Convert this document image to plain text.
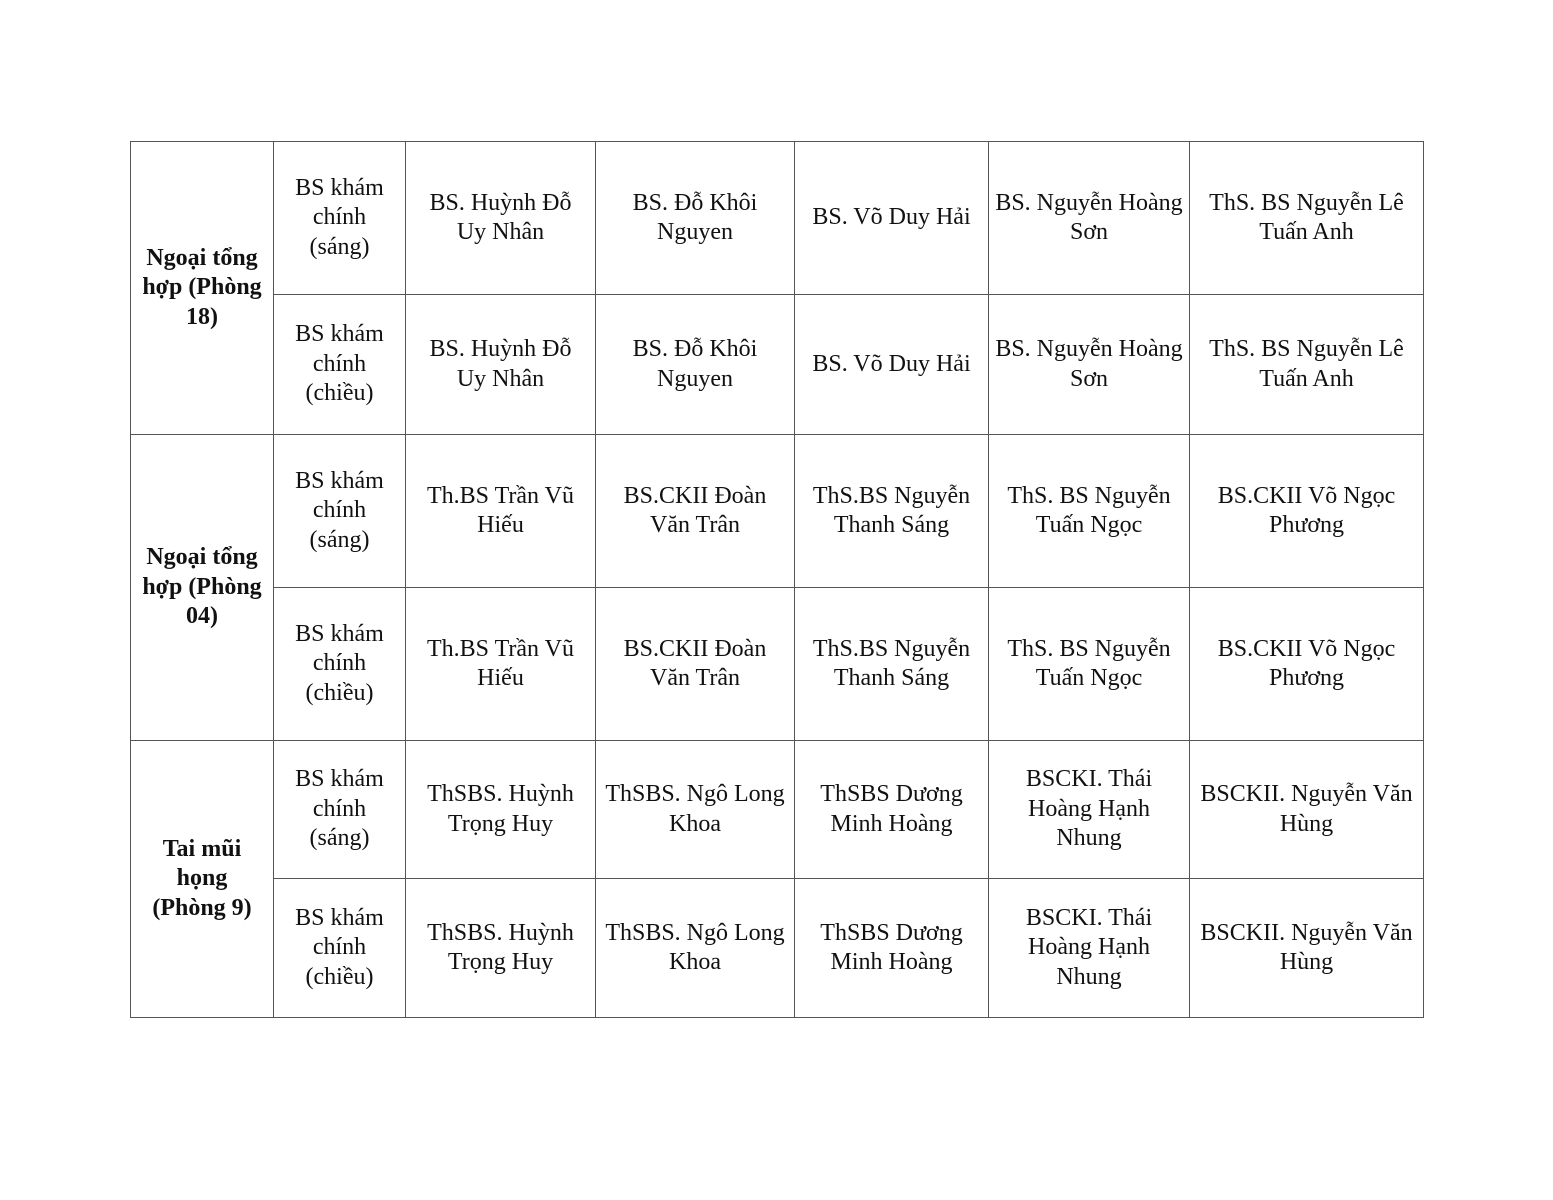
Ngoại tổng hợp (Phòng 18)	BS khám chính (sáng)	BS. Huỳnh Đỗ Uy Nhân	BS. Đỗ Khôi Nguyen	BS. Võ Duy Hải	BS. Nguyễn Hoàng Sơn	ThS. BS Nguyễn Lê Tuấn Anh
	BS khám chính (chiều)	BS. Huỳnh Đỗ Uy Nhân	BS. Đỗ Khôi Nguyen	BS. Võ Duy Hải	BS. Nguyễn Hoàng Sơn	ThS. BS Nguyễn Lê Tuấn Anh
Ngoại tổng hợp (Phòng 04)	BS khám chính (sáng)	Th.BS Trần Vũ Hiếu	BS.CKII Đoàn Văn Trân	ThS.BS Nguyễn Thanh Sáng	ThS. BS Nguyễn Tuấn Ngọc	BS.CKII Võ Ngọc Phương
	BS khám chính (chiều)	Th.BS Trần Vũ Hiếu	BS.CKII Đoàn Văn Trân	ThS.BS Nguyễn Thanh Sáng	ThS. BS Nguyễn Tuấn Ngọc	BS.CKII Võ Ngọc Phương
Tai mũi họng (Phòng 9)	BS khám chính (sáng)	ThSBS. Huỳnh Trọng Huy	ThSBS. Ngô Long Khoa	ThSBS Dương Minh Hoàng	BSCKI. Thái Hoàng Hạnh Nhung	BSCKII. Nguyễn Văn Hùng
	BS khám chính (chiều)	ThSBS. Huỳnh Trọng Huy	ThSBS. Ngô Long Khoa	ThSBS Dương Minh Hoàng	BSCKI. Thái Hoàng Hạnh Nhung	BSCKII. Nguyễn Văn Hùng
